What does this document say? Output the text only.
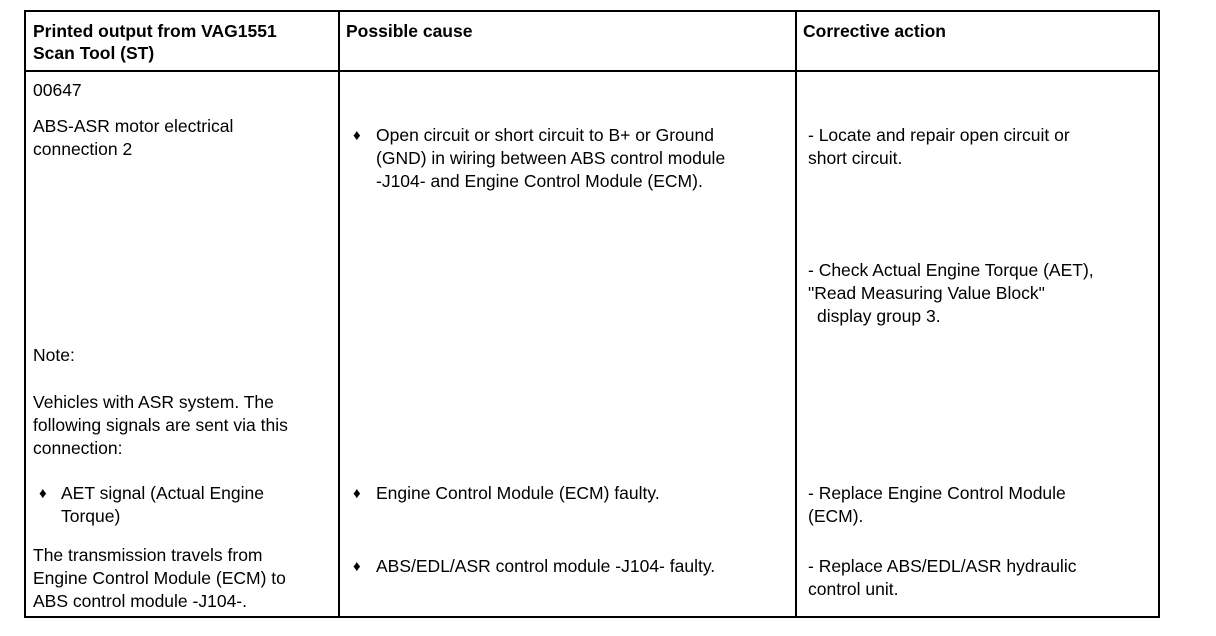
Printed output from VAG1551
Scan Tool (ST)
Possible cause	Corrective action
00647
ABS-ASR motor electrical
connection 2
Note:
Vehicles with ASR system. The
following signals are sent via this
connection:
♦ AET signal (Actual Engine
Torque)
The transmission travels from
Engine Control Module (ECM) to
ABS control module -J104-.
♦ Open circuit or short circuit to B+ or Ground
(GND) in wiring between ABS control module
-J104- and Engine Control Module (ECM).
♦ Engine Control Module (ECM) faulty.
♦ ABS/EDL/ASR control module -J104- faulty.
- Locate and repair open circuit or
short circuit.
- Check Actual Engine Torque (AET),
"Read Measuring Value Block"
display group 3.
- Replace Engine Control Module
(ECM).
- Replace ABS/EDL/ASR hydraulic
control unit.
